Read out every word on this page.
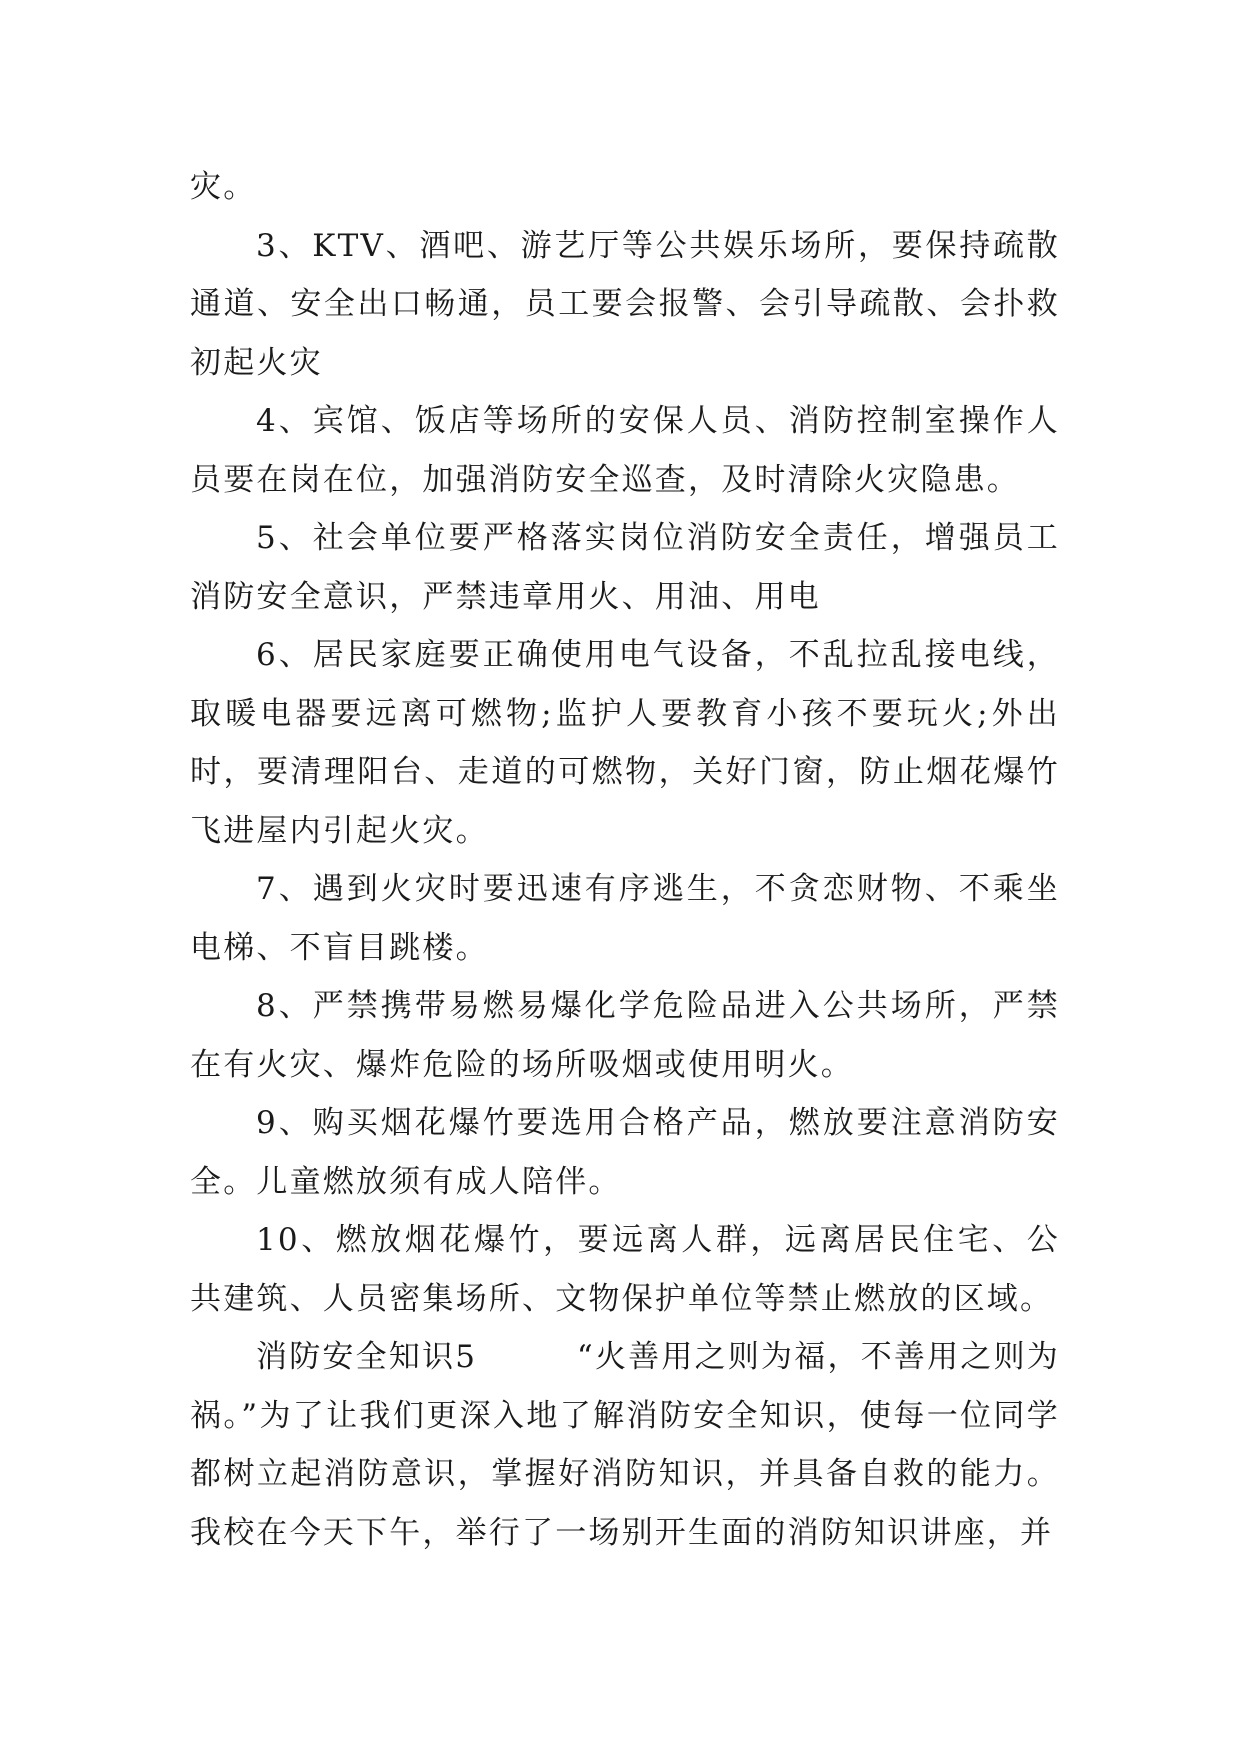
灾。

3、KTV、酒吧、游艺厅等公共娱乐场所，要保持疏散通道、安全出口畅通，员工要会报警、会引导疏散、会扑救初起火灾

4、宾馆、饭店等场所的安保人员、消防控制室操作人员要在岗在位，加强消防安全巡查，及时清除火灾隐患。

5、社会单位要严格落实岗位消防安全责任，增强员工消防安全意识，严禁违章用火、用油、用电

6、居民家庭要正确使用电气设备，不乱拉乱接电线，取暖电器要远离可燃物;监护人要教育小孩不要玩火;外出时，要清理阳台、走道的可燃物，关好门窗，防止烟花爆竹飞进屋内引起火灾。

7、遇到火灾时要迅速有序逃生，不贪恋财物、不乘坐电梯、不盲目跳楼。

8、严禁携带易燃易爆化学危险品进入公共场所，严禁在有火灾、爆炸危险的场所吸烟或使用明火。

9、购买烟花爆竹要选用合格产品，燃放要注意消防安全。儿童燃放须有成人陪伴。

10、燃放烟花爆竹，要远离人群，远离居民住宅、公共建筑、人员密集场所、文物保护单位等禁止燃放的区域。

消防安全知识5　　　“火善用之则为福，不善用之则为祸。”为了让我们更深入地了解消防安全知识，使每一位同学都树立起消防意识，掌握好消防知识，并具备自救的能力。我校在今天下午，举行了一场别开生面的消防知识讲座，并
